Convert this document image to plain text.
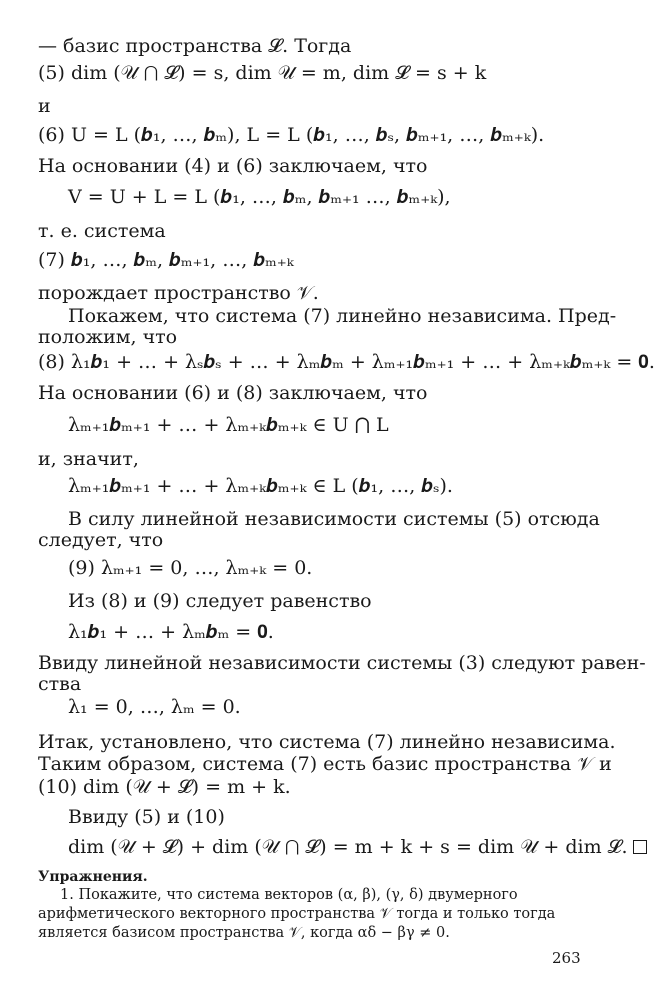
— базис пространства 𝓛. Тогда
(5) dim (𝒰 ⋂ 𝓛) = s, dim 𝒰 = m, dim 𝓛 = s + k
и
(6) U = L (𝒃₁, …, 𝒃ₘ), L = L (𝒃₁, …, 𝒃ₛ, 𝒃ₘ₊₁, …, 𝒃ₘ₊ₖ).
На основании (4) и (6) заключаем, что
V = U + L = L (𝒃₁, …, 𝒃ₘ, 𝒃ₘ₊₁ …, 𝒃ₘ₊ₖ),
т. е. система
(7) 𝒃₁, …, 𝒃ₘ, 𝒃ₘ₊₁, …, 𝒃ₘ₊ₖ
порождает пространство 𝒱.
Покажем, что система (7) линейно независима. Пред-
положим, что
(8) λ₁𝒃₁ + … + λₛ𝒃ₛ + … + λₘ𝒃ₘ + λₘ₊₁𝒃ₘ₊₁ + … + λₘ₊ₖ𝒃ₘ₊ₖ = 𝟎.
На основании (6) и (8) заключаем, что
λₘ₊₁𝒃ₘ₊₁ + … + λₘ₊ₖ𝒃ₘ₊ₖ ∈ U ⋂ L
и, значит,
λₘ₊₁𝒃ₘ₊₁ + … + λₘ₊ₖ𝒃ₘ₊ₖ ∈ L (𝒃₁, …, 𝒃ₛ).
В силу линейной независимости системы (5) отсюда
следует, что
(9) λₘ₊₁ = 0, …, λₘ₊ₖ = 0.
Из (8) и (9) следует равенство
λ₁𝒃₁ + … + λₘ𝒃ₘ = 𝟎.
Ввиду линейной независимости системы (3) следуют равен-
ства
λ₁ = 0, …, λₘ = 0.
Итак, установлено, что система (7) линейно независима.
Таким образом, система (7) есть базис пространства 𝒱 и
(10) dim (𝒰 + 𝓛) = m + k.
Ввиду (5) и (10)
dim (𝒰 + 𝓛) + dim (𝒰 ⋂ 𝓛) = m + k + s = dim 𝒰 + dim 𝓛.
Упражнения.
1. Покажите, что система векторов (α, β), (γ, δ) двумерного
арифметического векторного пространства 𝒱 тогда и только тогда
является базисом пространства 𝒱, когда αδ − βγ ≠ 0.
263
